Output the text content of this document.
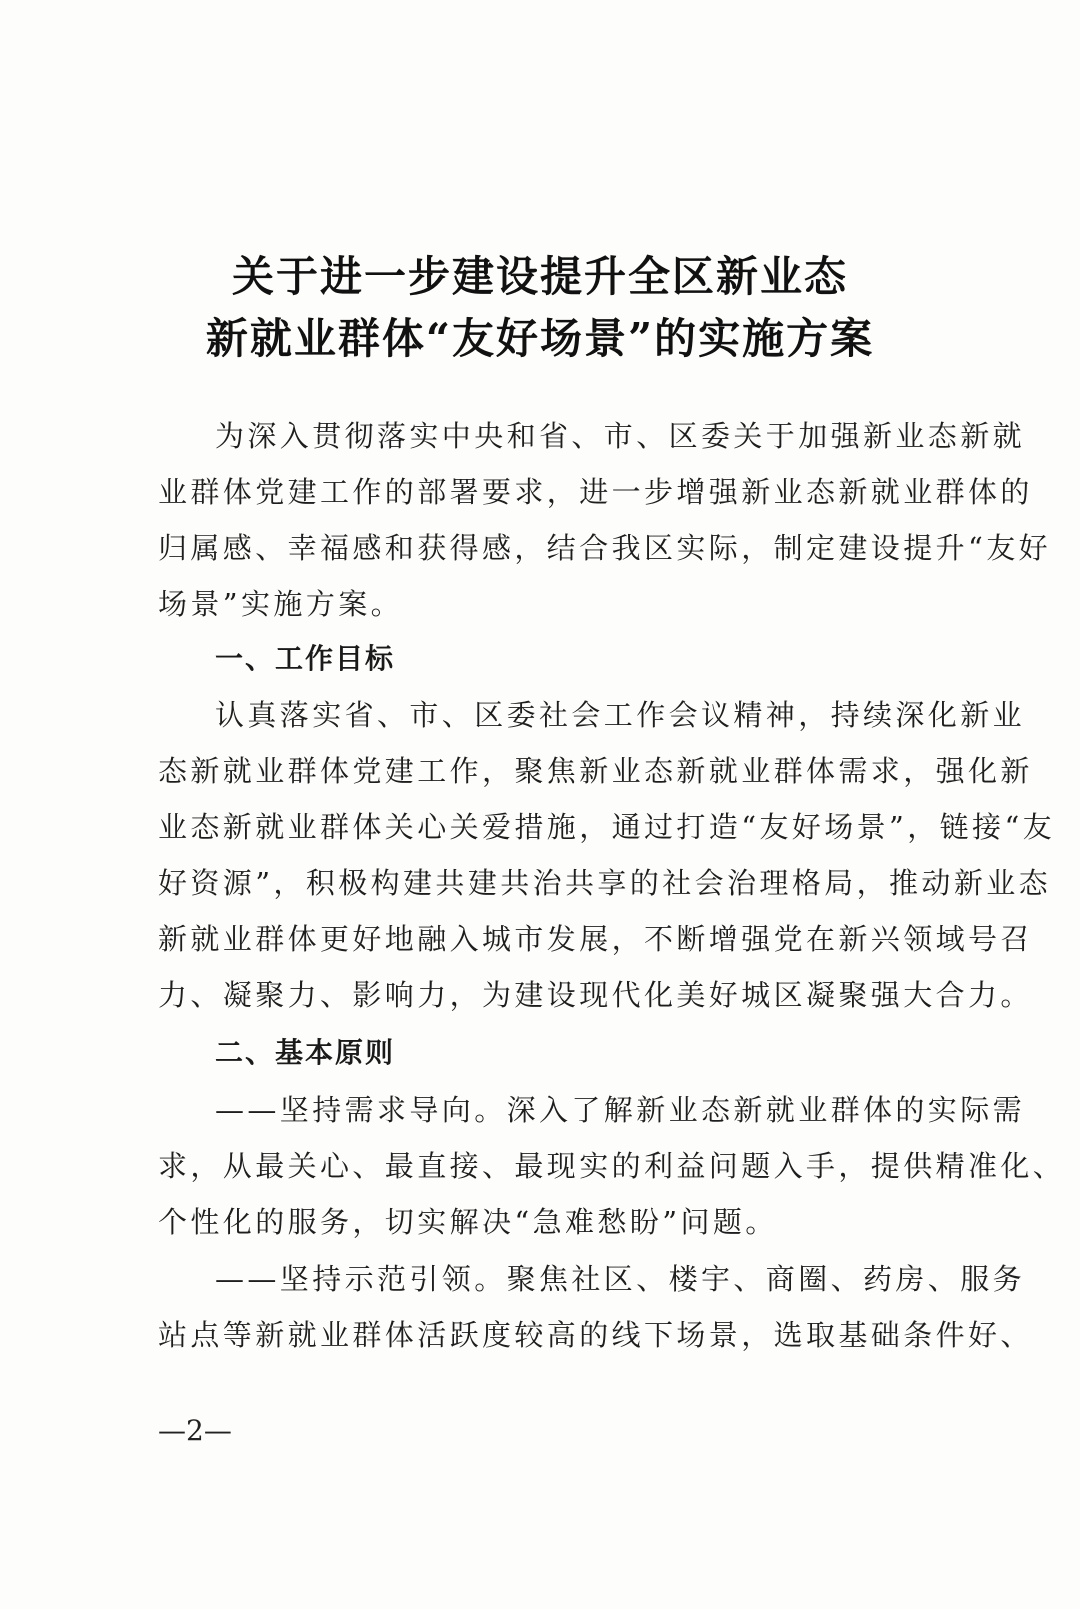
关于进一步建设提升全区新业态
新就业群体“友好场景”的实施方案
为深入贯彻落实中央和省、市、区委关于加强新业态新就
业群体党建工作的部署要求，进一步增强新业态新就业群体的
归属感、幸福感和获得感，结合我区实际，制定建设提升“友好
场景”实施方案。
一、工作目标
认真落实省、市、区委社会工作会议精神，持续深化新业
态新就业群体党建工作，聚焦新业态新就业群体需求，强化新
业态新就业群体关心关爱措施，通过打造“友好场景”，链接“友
好资源”，积极构建共建共治共享的社会治理格局，推动新业态
新就业群体更好地融入城市发展，不断增强党在新兴领域号召
力、凝聚力、影响力，为建设现代化美好城区凝聚强大合力。
二、基本原则
——坚持需求导向。深入了解新业态新就业群体的实际需
求，从最关心、最直接、最现实的利益问题入手，提供精准化、
个性化的服务，切实解决“急难愁盼”问题。
——坚持示范引领。聚焦社区、楼宇、商圈、药房、服务
站点等新就业群体活跃度较高的线下场景，选取基础条件好、
—2—
